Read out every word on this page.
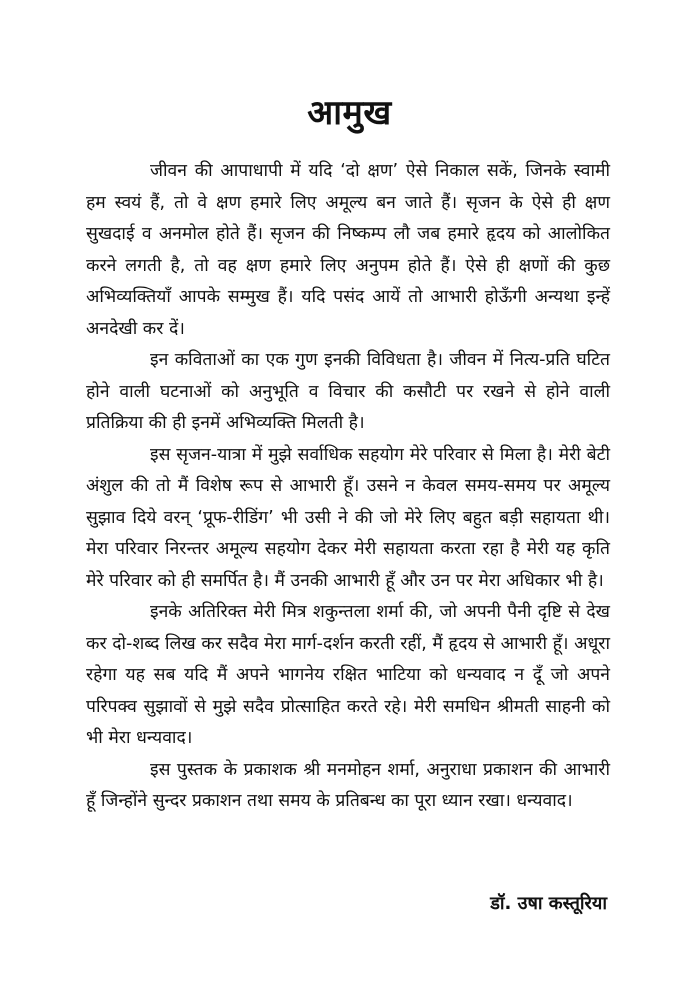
आमुख

जीवन की आपाधापी में यदि ‘दो क्षण’ ऐसे निकाल सकें, जिनके स्वामी हम स्वयं हैं, तो वे क्षण हमारे लिए अमूल्य बन जाते हैं। सृजन के ऐसे ही क्षण सुखदाई व अनमोल होते हैं। सृजन की निष्कम्प लौ जब हमारे हृदय को आलोकित करने लगती है, तो वह क्षण हमारे लिए अनुपम होते हैं। ऐसे ही क्षणों की कुछ अभिव्यक्तियाँ आपके सम्मुख हैं। यदि पसंद आयें तो आभारी होऊँगी अन्यथा इन्हें अनदेखी कर दें।

इन कविताओं का एक गुण इनकी विविधता है। जीवन में नित्य-प्रति घटित होने वाली घटनाओं को अनुभूति व विचार की कसौटी पर रखने से होने वाली प्रतिक्रिया की ही इनमें अभिव्यक्ति मिलती है।

इस सृजन-यात्रा में मुझे सर्वाधिक सहयोग मेरे परिवार से मिला है। मेरी बेटी अंशुल की तो मैं विशेष रूप से आभारी हूँ। उसने न केवल समय-समय पर अमूल्य सुझाव दिये वरन् ‘प्रूफ-रीडिंग’ भी उसी ने की जो मेरे लिए बहुत बड़ी सहायता थी। मेरा परिवार निरन्तर अमूल्य सहयोग देकर मेरी सहायता करता रहा है मेरी यह कृति मेरे परिवार को ही समर्पित है। मैं उनकी आभारी हूँ और उन पर मेरा अधिकार भी है।

इनके अतिरिक्त मेरी मित्र शकुन्तला शर्मा की, जो अपनी पैनी दृष्टि से देख कर दो-शब्द लिख कर सदैव मेरा मार्ग-दर्शन करती रहीं, मैं हृदय से आभारी हूँ। अधूरा रहेगा यह सब यदि मैं अपने भागनेय रक्षित भाटिया को धन्यवाद न दूँ जो अपने परिपक्व सुझावों से मुझे सदैव प्रोत्साहित करते रहे। मेरी समधिन श्रीमती साहनी को भी मेरा धन्यवाद।

इस पुस्तक के प्रकाशक श्री मनमोहन शर्मा, अनुराधा प्रकाशन की आभारी हूँ जिन्होंने सुन्दर प्रकाशन तथा समय के प्रतिबन्ध का पूरा ध्यान रखा। धन्यवाद।

डॉ. उषा कस्तूरिया
